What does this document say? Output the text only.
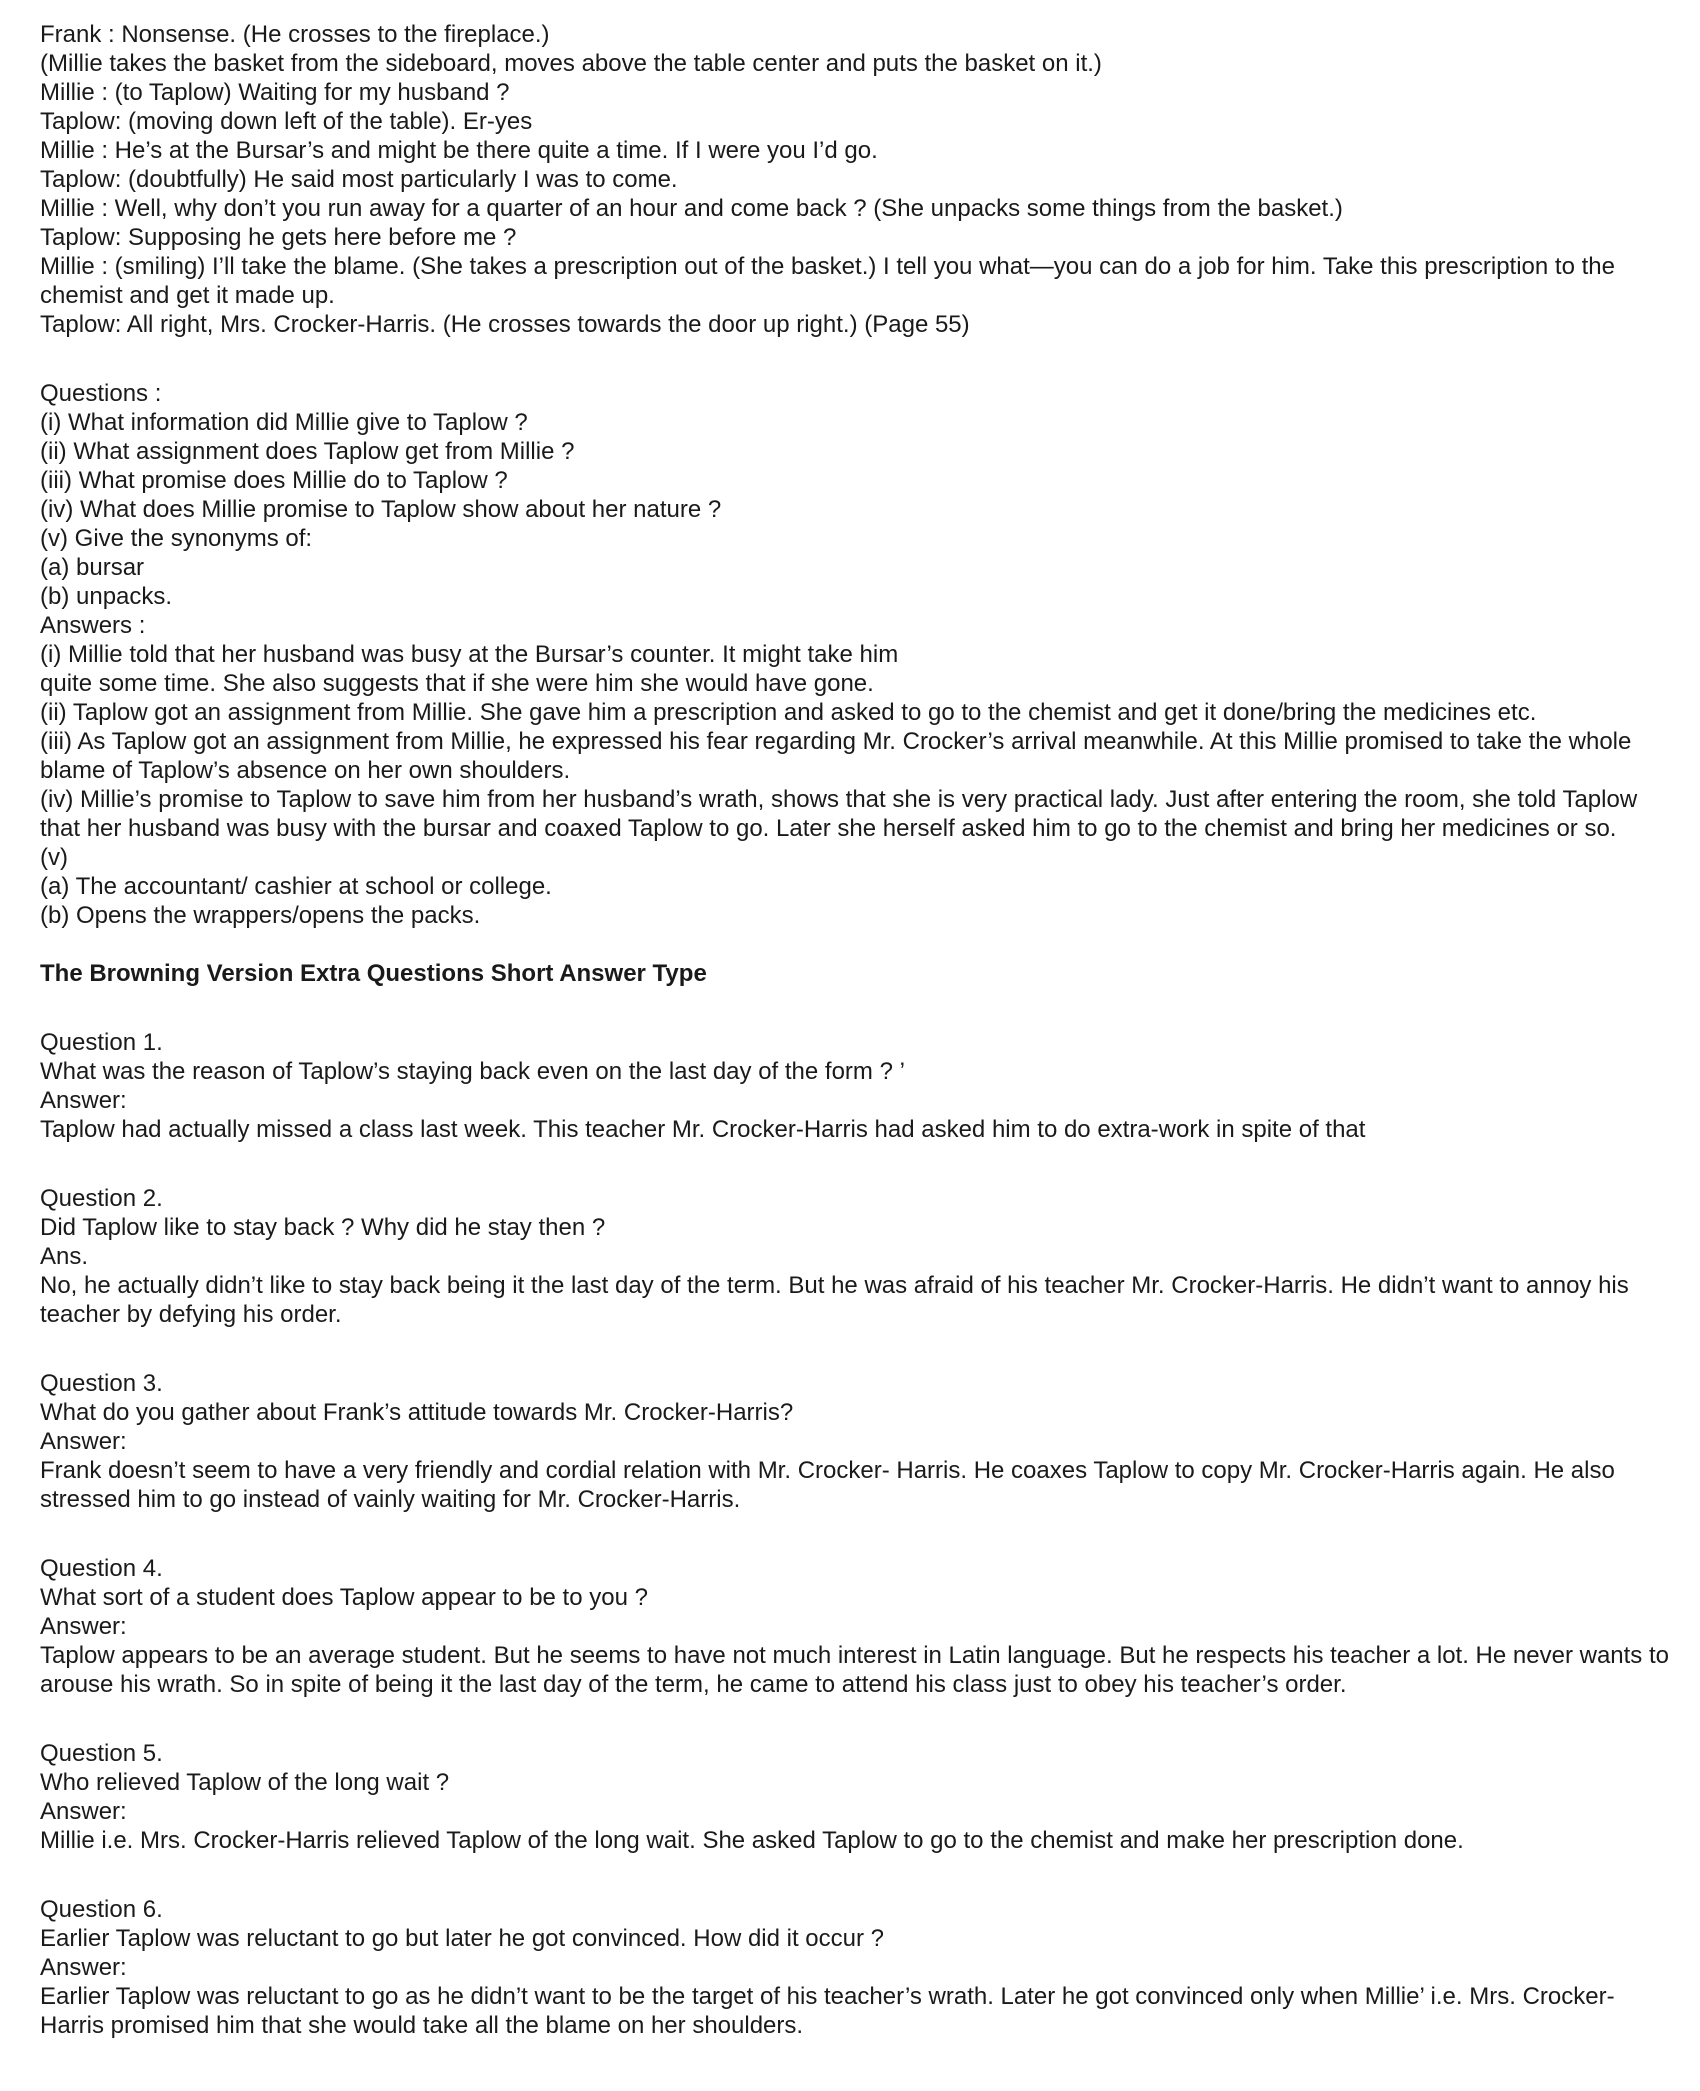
Frank : Nonsense. (He crosses to the fireplace.)
(Millie takes the basket from the sideboard, moves above the table center and puts the basket on it.)
Millie : (to Taplow) Waiting for my husband ?
Taplow: (moving down left of the table). Er-yes
Millie : He’s at the Bursar’s and might be there quite a time. If I were you I’d go.
Taplow: (doubtfully) He said most particularly I was to come.
Millie : Well, why don’t you run away for a quarter of an hour and come back ? (She unpacks some things from the basket.)
Taplow: Supposing he gets here before me ?
Millie : (smiling) I’ll take the blame. (She takes a prescription out of the basket.) I tell you what—you can do a job for him. Take this prescription to the chemist and get it made up.
Taplow: All right, Mrs. Crocker-Harris. (He crosses towards the door up right.) (Page 55)
Questions :
(i) What information did Millie give to Taplow ?
(ii) What assignment does Taplow get from Millie ?
(iii) What promise does Millie do to Taplow ?
(iv) What does Millie promise to Taplow show about her nature ?
(v) Give the synonyms of:
(a) bursar
(b) unpacks.
Answers :
(i) Millie told that her husband was busy at the Bursar’s counter. It might take him
quite some time. She also suggests that if she were him she would have gone.
(ii) Taplow got an assignment from Millie. She gave him a prescription and asked to go to the chemist and get it done/bring the medicines etc.
(iii) As Taplow got an assignment from Millie, he expressed his fear regarding Mr. Crocker’s arrival meanwhile. At this Millie promised to take the whole blame of Taplow’s absence on her own shoulders.
(iv) Millie’s promise to Taplow to save him from her husband’s wrath, shows that she is very practical lady. Just after entering the room, she told Taplow that her husband was busy with the bursar and coaxed Taplow to go. Later she herself asked him to go to the chemist and bring her medicines or so.
(v)
(a) The accountant/ cashier at school or college.
(b) Opens the wrappers/opens the packs.
The Browning Version Extra Questions Short Answer Type
Question 1.
What was the reason of Taplow’s staying back even on the last day of the form ? ’
Answer:
Taplow had actually missed a class last week. This teacher Mr. Crocker-Harris had asked him to do extra-work in spite of that
Question 2.
Did Taplow like to stay back ? Why did he stay then ?
Ans.
No, he actually didn’t like to stay back being it the last day of the term. But he was afraid of his teacher Mr. Crocker-Harris. He didn’t want to annoy his teacher by defying his order.
Question 3.
What do you gather about Frank’s attitude towards Mr. Crocker-Harris?
Answer:
Frank doesn’t seem to have a very friendly and cordial relation with Mr. Crocker- Harris. He coaxes Taplow to copy Mr. Crocker-Harris again. He also stressed him to go instead of vainly waiting for Mr. Crocker-Harris.
Question 4.
What sort of a student does Taplow appear to be to you ?
Answer:
Taplow appears to be an average student. But he seems to have not much interest in Latin language. But he respects his teacher a lot. He never wants to arouse his wrath. So in spite of being it the last day of the term, he came to attend his class just to obey his teacher’s order.
Question 5.
Who relieved Taplow of the long wait ?
Answer:
Millie i.e. Mrs. Crocker-Harris relieved Taplow of the long wait. She asked Taplow to go to the chemist and make her prescription done.
Question 6.
Earlier Taplow was reluctant to go but later he got convinced. How did it occur ?
Answer:
Earlier Taplow was reluctant to go as he didn’t want to be the target of his teacher’s wrath. Later he got convinced only when Millie’ i.e. Mrs. Crocker-Harris promised him that she would take all the blame on her shoulders.
